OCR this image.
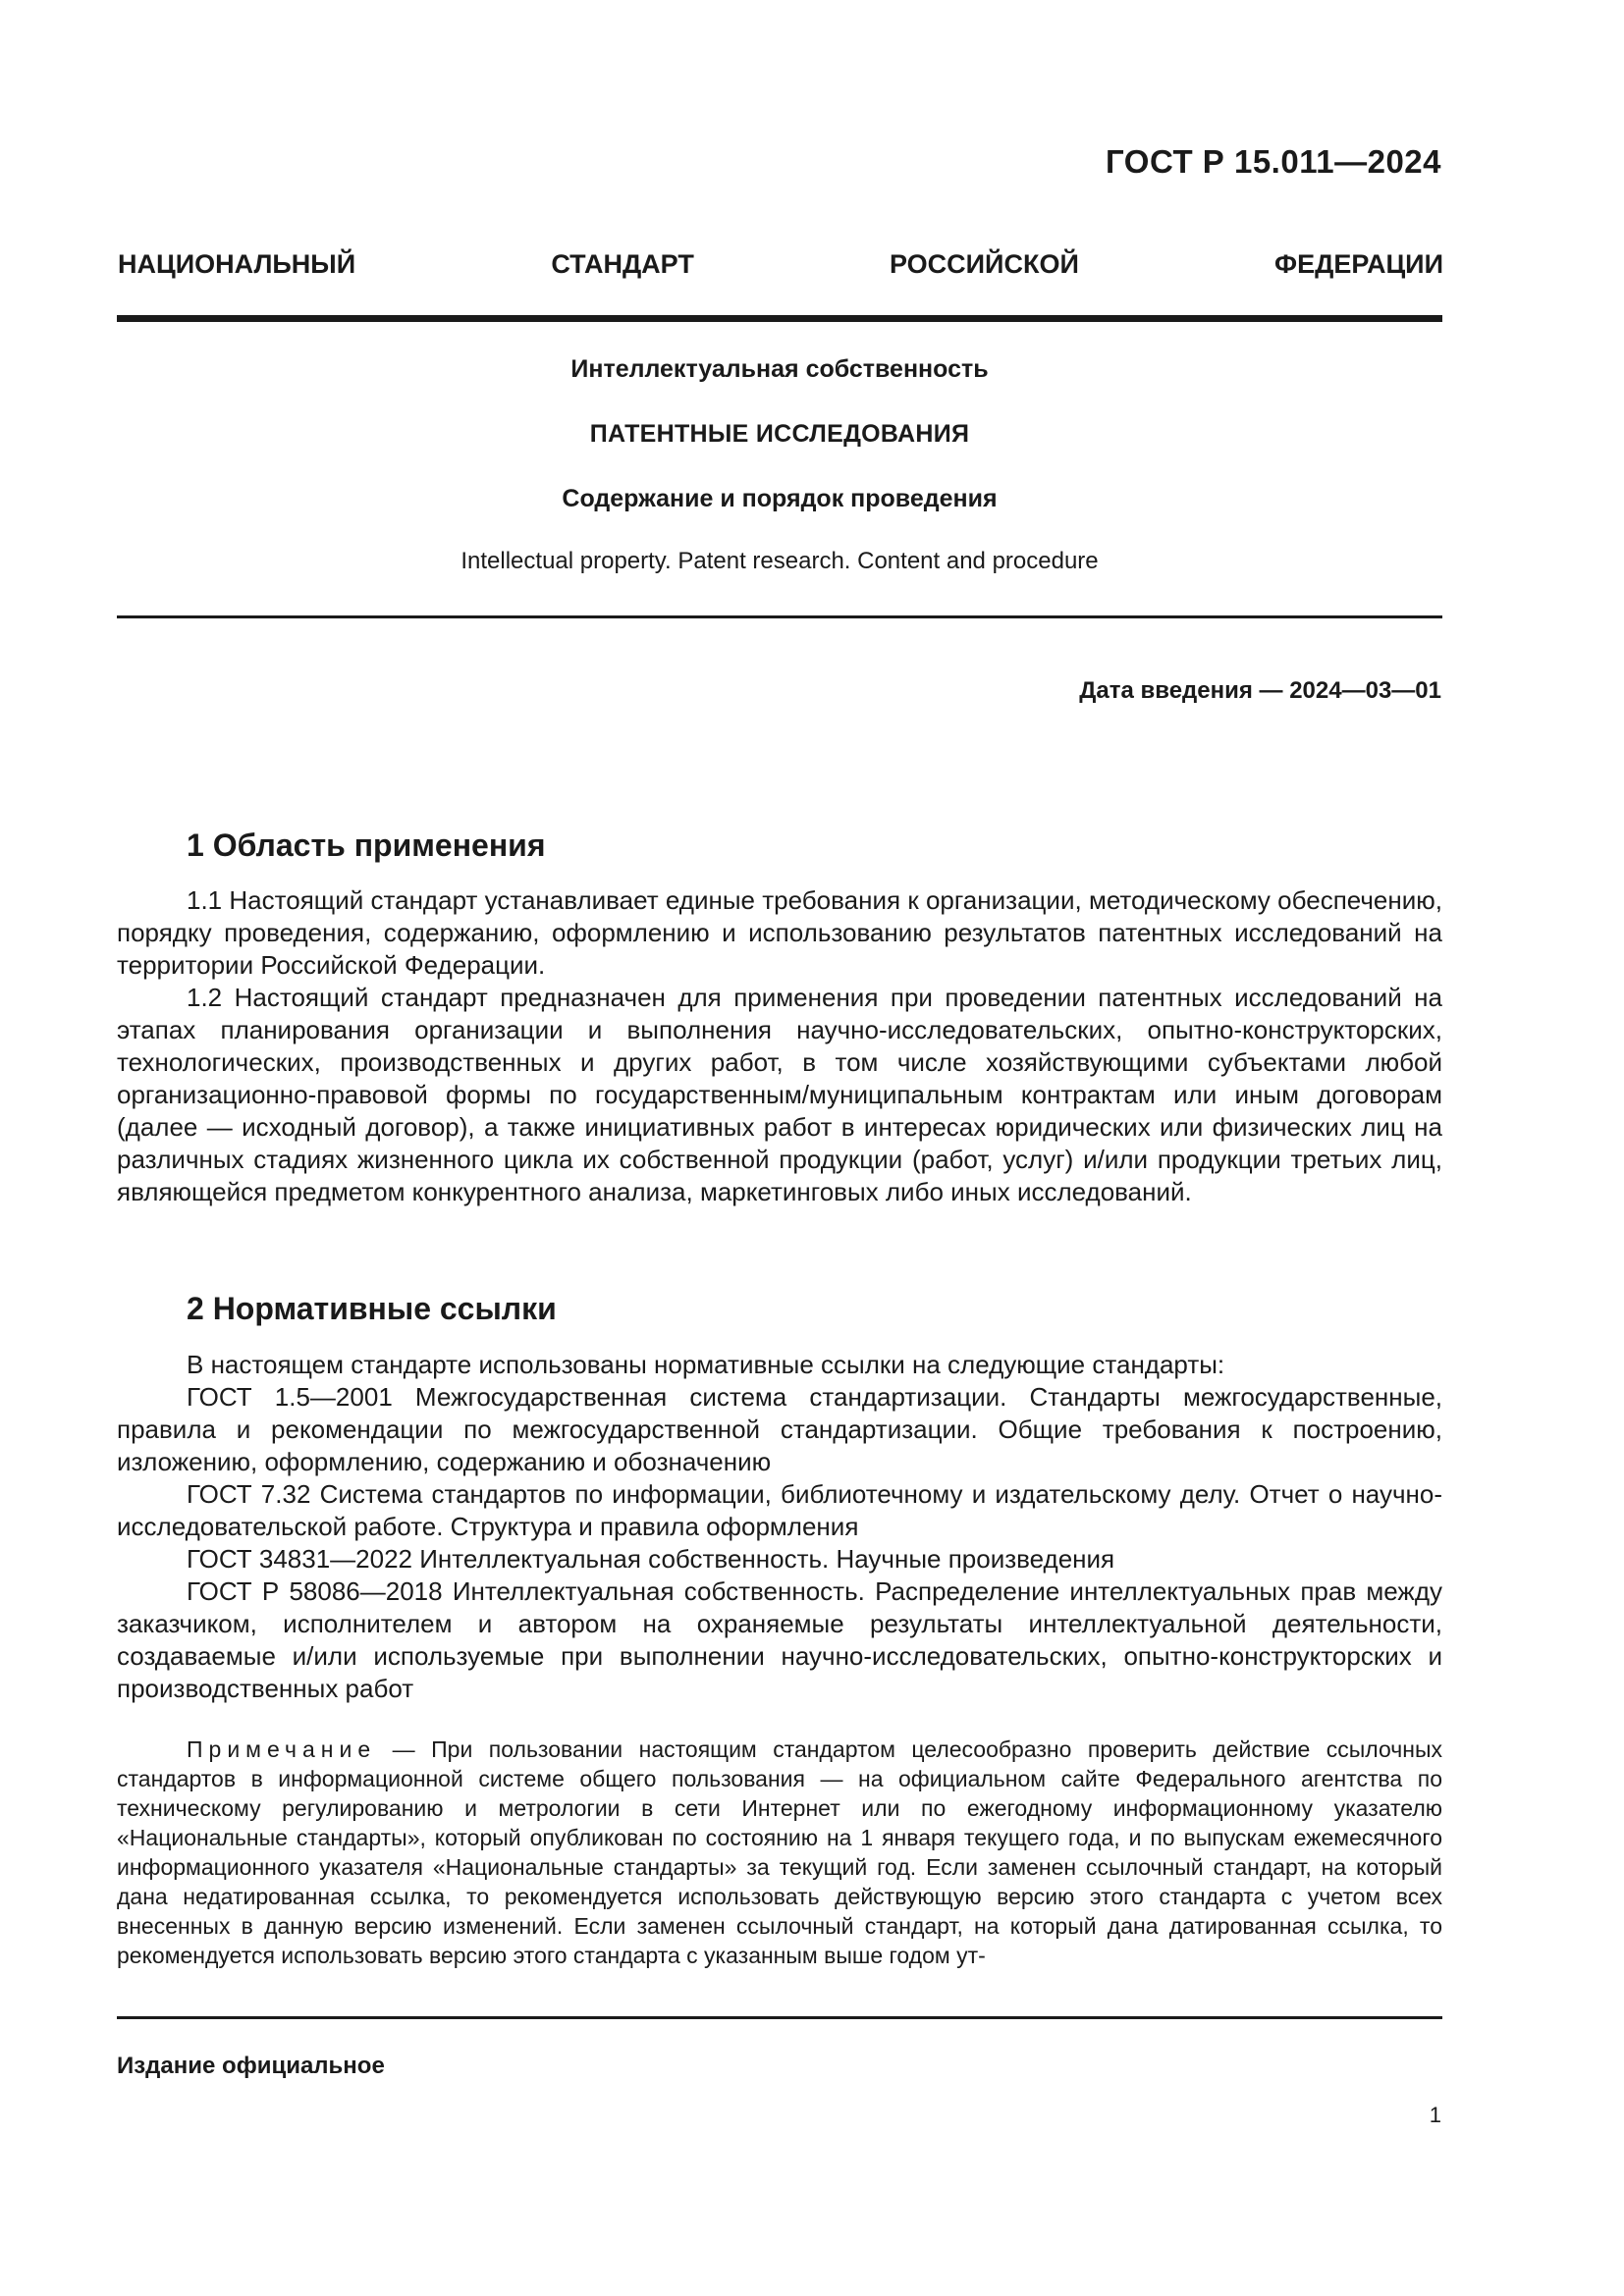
ГОСТ Р 15.011—2024
НАЦИОНАЛЬНЫЙ	СТАНДАРТ	РОССИЙСКОЙ	ФЕДЕРАЦИИ
Интеллектуальная собственность
ПАТЕНТНЫЕ ИССЛЕДОВАНИЯ
Содержание и порядок проведения
Intellectual property. Patent research. Content and procedure
Дата введения — 2024—03—01
1 Область применения

1.1 Настоящий стандарт устанавливает единые требования к организации, методическому обеспечению, порядку проведения, содержанию, оформлению и использованию результатов патентных исследований на территории Российской Федерации.

1.2 Настоящий стандарт предназначен для применения при проведении патентных исследований на этапах планирования организации и выполнения научно-исследовательских, опытно-конструкторских, технологических, производственных и других работ, в том числе хозяйствующими субъектами любой организационно-правовой формы по государственным/муниципальным контрактам или иным договорам (далее — исходный договор), а также инициативных работ в интересах юридических или физических лиц на различных стадиях жизненного цикла их собственной продукции (работ, услуг) и/или продукции третьих лиц, являющейся предметом конкурентного анализа, маркетинговых либо иных исследований.

2 Нормативные ссылки

В настоящем стандарте использованы нормативные ссылки на следующие стандарты:

ГОСТ 1.5—2001 Межгосударственная система стандартизации. Стандарты межгосударственные, правила и рекомендации по межгосударственной стандартизации. Общие требования к построению, изложению, оформлению, содержанию и обозначению

ГОСТ 7.32 Система стандартов по информации, библиотечному и издательскому делу. Отчет о научно-исследовательской работе. Структура и правила оформления

ГОСТ 34831—2022 Интеллектуальная собственность. Научные произведения

ГОСТ Р 58086—2018 Интеллектуальная собственность. Распределение интеллектуальных прав между заказчиком, исполнителем и автором на охраняемые результаты интеллектуальной деятельности, создаваемые и/или используемые при выполнении научно-исследовательских, опытно-конструкторских и производственных работ

Примечание — При пользовании настоящим стандартом целесообразно проверить действие ссылочных стандартов в информационной системе общего пользования — на официальном сайте Федерального агентства по техническому регулированию и метрологии в сети Интернет или по ежегодному информационному указателю «Национальные стандарты», который опубликован по состоянию на 1 января текущего года, и по выпускам ежемесячного информационного указателя «Национальные стандарты» за текущий год. Если заменен ссылочный стандарт, на который дана недатированная ссылка, то рекомендуется использовать действующую версию этого стандарта с учетом всех внесенных в данную версию изменений. Если заменен ссылочный стандарт, на который дана датированная ссылка, то рекомендуется использовать версию этого стандарта с указанным выше годом ут-
Издание официальное
1
